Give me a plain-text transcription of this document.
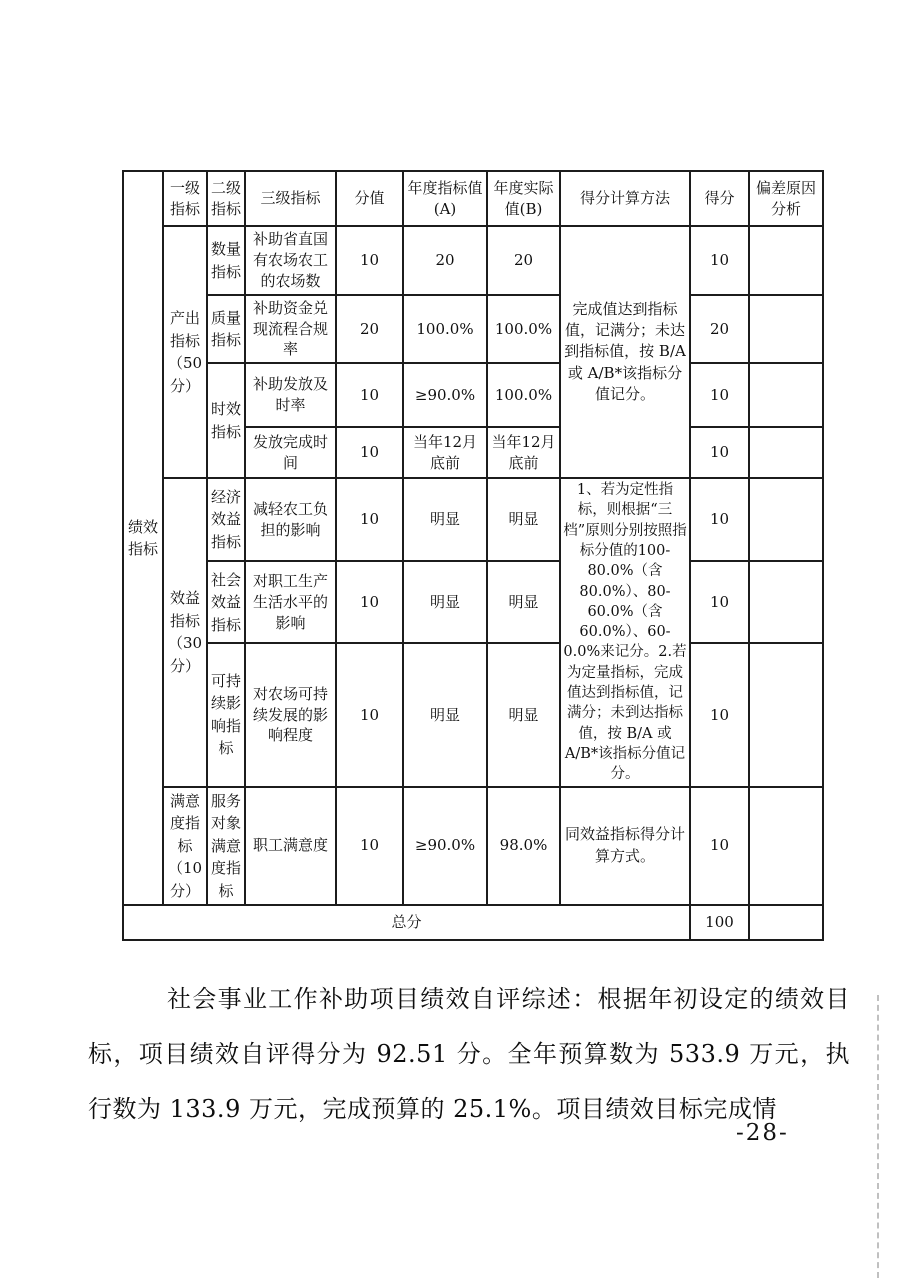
绩效指标	一级指标	二级指标	三级指标	分值	年度指标值(A)	年度实际值(B)	得分计算方法	得分	偏差原因分析
	产出指标（50分）	数量指标	补助省直国有农场农工的农场数	10	20	20	完成值达到指标值，记满分；未达到指标值，按 B/A 或 A/B*该指标分值记分。	10	
		质量指标	补助资金兑现流程合规率	20	100.0%	100.0%		20	
		时效指标	补助发放及时率	10	≥90.0%	100.0%		10	
			发放完成时间	10	当年12月底前	当年12月底前		10	
	效益指标（30分）	经济效益指标	减轻农工负担的影响	10	明显	明显	1、若为定性指标，则根据“三档”原则分别按照指标分值的100-80.0%（含80.0%）、80-60.0%（含60.0%）、60-0.0%来记分。2.若为定量指标，完成值达到指标值，记满分；未到达指标值，按 B/A 或 A/B*该指标分值记分。	10	
		社会效益指标	对职工生产生活水平的影响	10	明显	明显		10	
		可持续影响指标	对农场可持续发展的影响程度	10	明显	明显		10	
	满意度指标（10分）	服务对象满意度指标	职工满意度	10	≥90.0%	98.0%	同效益指标得分计算方式。	10	
总分								100	
社会事业工作补助项目绩效自评综述：根据年初设定的绩效目标，项目绩效自评得分为 92.51 分。全年预算数为 533.9 万元，执行数为 133.9 万元，完成预算的 25.1%。项目绩效目标完成情
-28-
